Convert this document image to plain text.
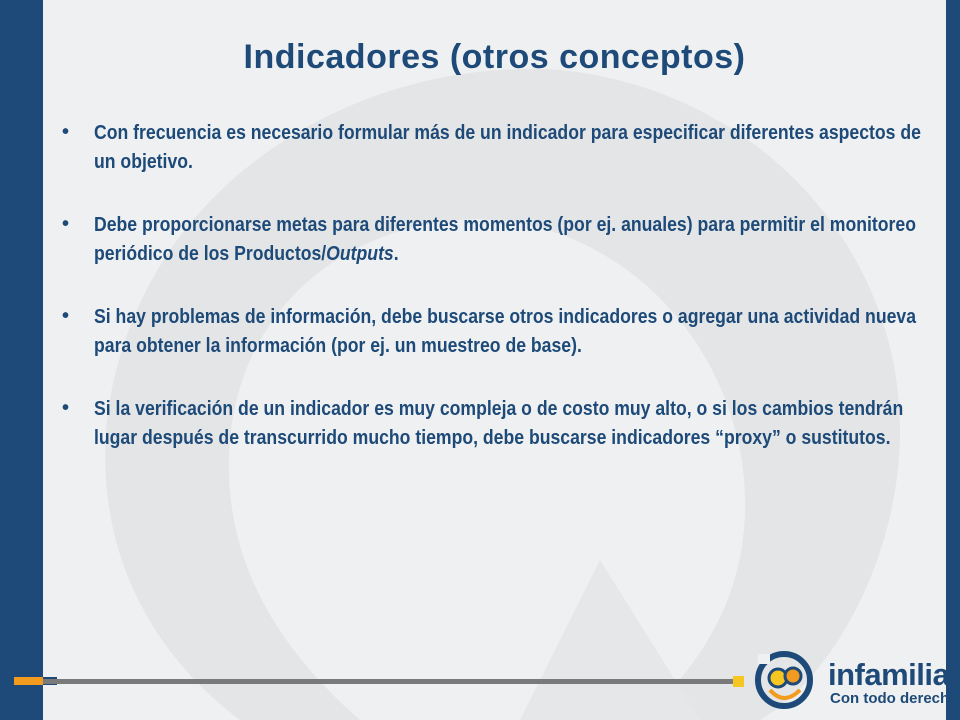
Indicadores (otros conceptos)
• Con frecuencia es necesario formular más de un indicador para especificar diferentes aspectos de un objetivo.
• Debe proporcionarse metas para diferentes momentos (por ej. anuales) para permitir el monitoreo periódico de los Productos/Outputs.
• Si hay problemas de información, debe buscarse otros indicadores o agregar una actividad nueva para obtener la información (por ej. un muestreo de base).
• Si la verificación de un indicador es muy compleja o de costo muy alto, o si los cambios tendrán lugar después de transcurrido mucho tiempo, debe buscarse indicadores “proxy” o sustitutos.
infamilia
Con todo derecho
